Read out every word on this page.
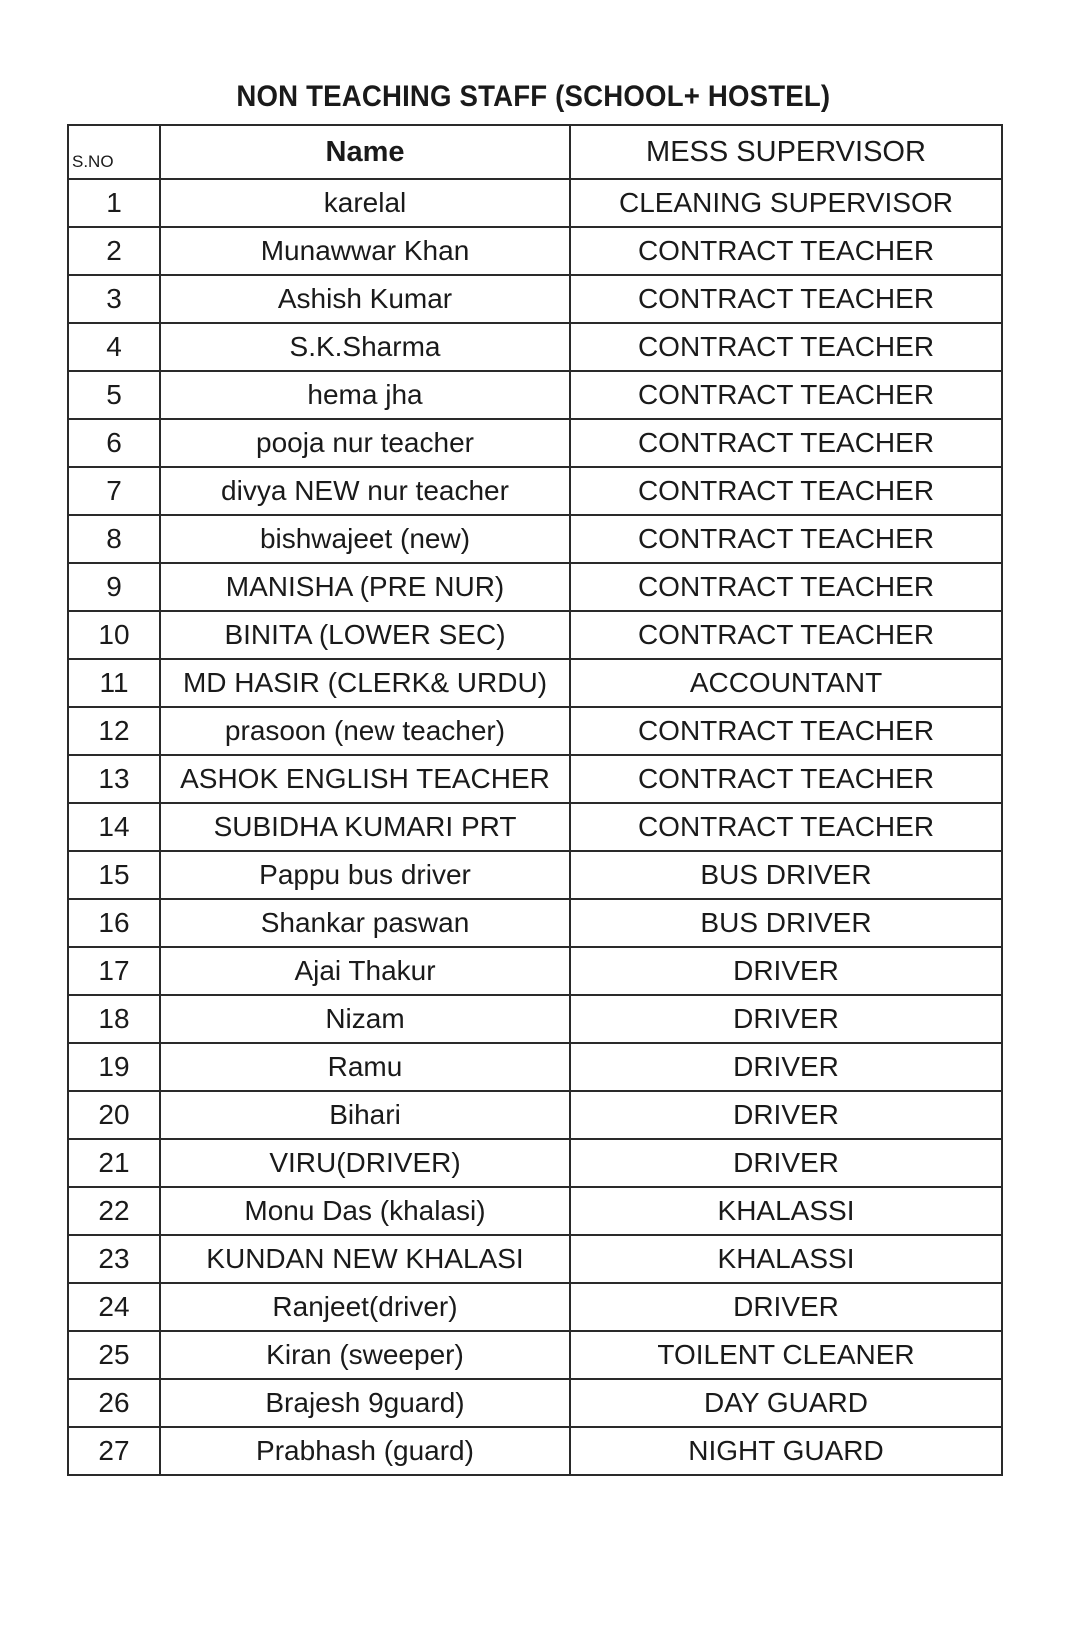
NON TEACHING STAFF (SCHOOL+ HOSTEL)
S.NO	Name	MESS SUPERVISOR
1	karelal	CLEANING SUPERVISOR
2	Munawwar Khan	CONTRACT TEACHER
3	Ashish Kumar	CONTRACT TEACHER
4	S.K.Sharma	CONTRACT TEACHER
5	hema jha	CONTRACT TEACHER
6	pooja nur teacher	CONTRACT TEACHER
7	divya NEW nur teacher	CONTRACT TEACHER
8	bishwajeet (new)	CONTRACT TEACHER
9	MANISHA (PRE NUR)	CONTRACT TEACHER
10	BINITA (LOWER SEC)	CONTRACT TEACHER
11	MD HASIR (CLERK& URDU)	ACCOUNTANT
12	prasoon (new teacher)	CONTRACT TEACHER
13	ASHOK ENGLISH TEACHER	CONTRACT TEACHER
14	SUBIDHA KUMARI PRT	CONTRACT TEACHER
15	Pappu bus driver	BUS DRIVER
16	Shankar paswan	BUS DRIVER
17	Ajai Thakur	DRIVER
18	Nizam	DRIVER
19	Ramu	DRIVER
20	Bihari	DRIVER
21	VIRU(DRIVER)	DRIVER
22	Monu Das (khalasi)	KHALASSI
23	KUNDAN NEW KHALASI	KHALASSI
24	Ranjeet(driver)	DRIVER
25	Kiran (sweeper)	TOILENT CLEANER
26	Brajesh 9guard)	DAY GUARD
27	Prabhash (guard)	NIGHT GUARD
